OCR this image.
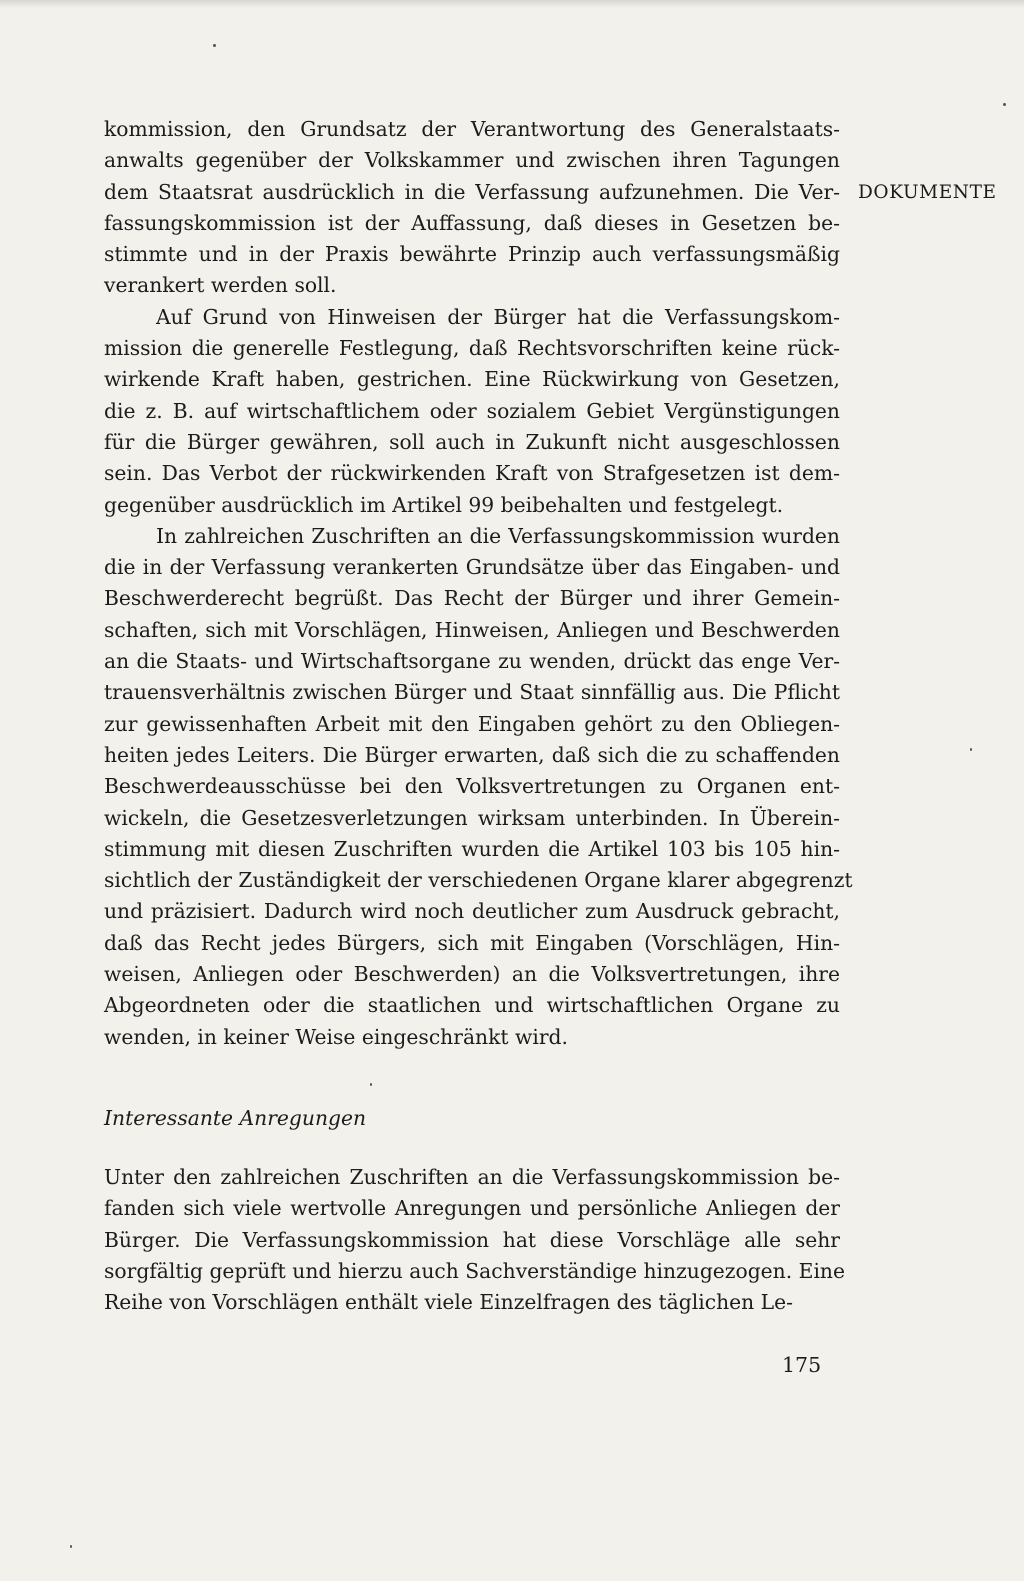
DOKUMENTE
kommission, den Grundsatz der Verantwortung des Generalstaats-
anwalts gegenüber der Volkskammer und zwischen ihren Tagungen
dem Staatsrat ausdrücklich in die Verfassung aufzunehmen. Die Ver-
fassungskommission ist der Auffassung, daß dieses in Gesetzen be-
stimmte und in der Praxis bewährte Prinzip auch verfassungsmäßig
verankert werden soll.
Auf Grund von Hinweisen der Bürger hat die Verfassungskom-
mission die generelle Festlegung, daß Rechtsvorschriften keine rück-
wirkende Kraft haben, gestrichen. Eine Rückwirkung von Gesetzen,
die z. B. auf wirtschaftlichem oder sozialem Gebiet Vergünstigungen
für die Bürger gewähren, soll auch in Zukunft nicht ausgeschlossen
sein. Das Verbot der rückwirkenden Kraft von Strafgesetzen ist dem-
gegenüber ausdrücklich im Artikel 99 beibehalten und festgelegt.
In zahlreichen Zuschriften an die Verfassungskommission wurden
die in der Verfassung verankerten Grundsätze über das Eingaben- und
Beschwerderecht begrüßt. Das Recht der Bürger und ihrer Gemein-
schaften, sich mit Vorschlägen, Hinweisen, Anliegen und Beschwerden
an die Staats- und Wirtschaftsorgane zu wenden, drückt das enge Ver-
trauensverhältnis zwischen Bürger und Staat sinnfällig aus. Die Pflicht
zur gewissenhaften Arbeit mit den Eingaben gehört zu den Obliegen-
heiten jedes Leiters. Die Bürger erwarten, daß sich die zu schaffenden
Beschwerdeausschüsse bei den Volksvertretungen zu Organen ent-
wickeln, die Gesetzesverletzungen wirksam unterbinden. In Überein-
stimmung mit diesen Zuschriften wurden die Artikel 103 bis 105 hin-
sichtlich der Zuständigkeit der verschiedenen Organe klarer abgegrenzt
und präzisiert. Dadurch wird noch deutlicher zum Ausdruck gebracht,
daß das Recht jedes Bürgers, sich mit Eingaben (Vorschlägen, Hin-
weisen, Anliegen oder Beschwerden) an die Volksvertretungen, ihre
Abgeordneten oder die staatlichen und wirtschaftlichen Organe zu
wenden, in keiner Weise eingeschränkt wird.
Interessante Anregungen
Unter den zahlreichen Zuschriften an die Verfassungskommission be-
fanden sich viele wertvolle Anregungen und persönliche Anliegen der
Bürger. Die Verfassungskommission hat diese Vorschläge alle sehr
sorgfältig geprüft und hierzu auch Sachverständige hinzugezogen. Eine
Reihe von Vorschlägen enthält viele Einzelfragen des täglichen Le-
175
